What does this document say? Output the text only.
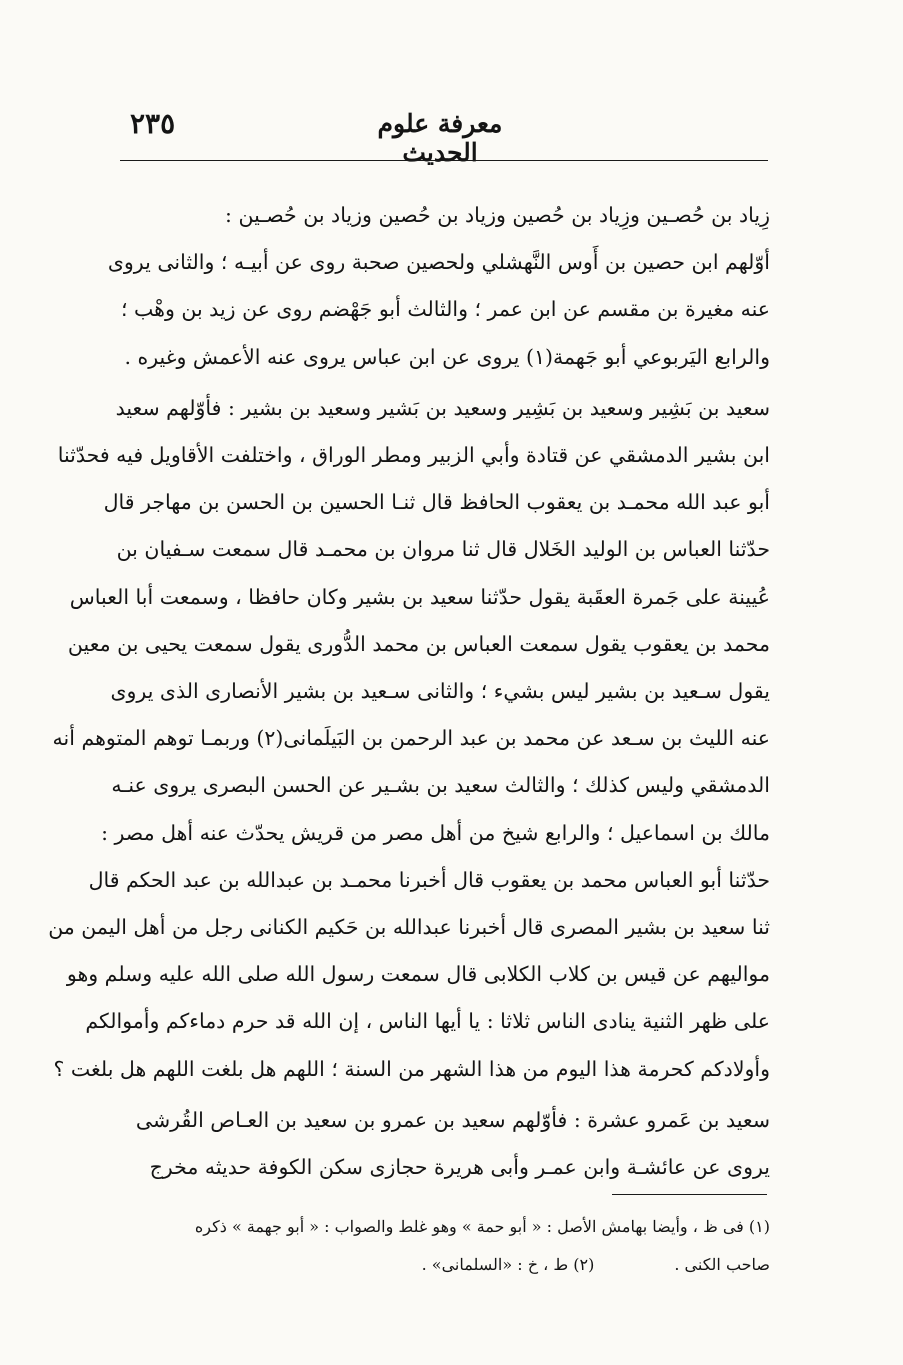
معرفة علوم الحديث
٢٣٥

زِياد بن حُصـين وزِياد بن حُصين وزياد بن حُصين وزياد بن حُصـين :
أوّلهم ابن حصين بن أَوس النَّهشلي ولحصين صحبة روى عن أبيـه ؛ والثانى يروى
عنه مغيرة بن مقسم عن ابن عمر ؛ والثالث أبو جَهْضم روى عن زيد بن وهْب ؛
والرابع اليَربوعي أبو جَهمة(١) يروى عن ابن عباس يروى عنه الأعمش وغيره .

سعيد بن بَشِير وسعيد بن بَشِير وسعيد بن بَشير وسعيد بن بشير : فأوّلهم سعيد
ابن بشير الدمشقي عن قتادة وأبي الزبير ومطر الوراق ، واختلفت الأقاويل فيه فحدّثنا
أبو عبد الله محمـد بن يعقوب الحافظ قال ثنـا الحسين بن الحسن بن مهاجر قال
حدّثنا العباس بن الوليد الخَلال قال ثنا مروان بن محمـد قال سمعت سـفيان بن
عُيينة على جَمرة العقَبة يقول حدّثنا سعيد بن بشير وكان حافظا ، وسمعت أبا العباس
محمد بن يعقوب يقول سمعت العباس بن محمد الدُّورى يقول سمعت يحيى بن معين
يقول سـعيد بن بشير ليس بشيء ؛ والثانى سـعيد بن بشير الأنصارى الذى يروى
عنه الليث بن سـعد عن محمد بن عبد الرحمن بن البَيلَمانى(٢) وربمـا توهم المتوهم أنه
الدمشقي وليس كذلك ؛ والثالث سعيد بن بشـير عن الحسن البصرى يروى عنـه
مالك بن اسماعيل ؛ والرابع شيخ من أهل مصر من قريش يحدّث عنه أهل مصر :
حدّثنا أبو العباس محمد بن يعقوب قال أخبرنا محمـد بن عبدالله بن عبد الحكم قال
ثنا سعيد بن بشير المصرى قال أخبرنا عبدالله بن حَكيم الكنانى رجل من أهل اليمن من
مواليهم عن قيس بن كلاب الكلابى قال سمعت رسول الله صلى الله عليه وسلم وهو
على ظهر الثنية ينادى الناس ثلاثا : يا أيها الناس ، إن الله قد حرم دماءكم وأموالكم
وأولادكم كحرمة هذا اليوم من هذا الشهر من السنة ؛ اللهم هل بلغت اللهم هل بلغت ؟

سعيد بن عَمرو عشرة : فأوّلهم سعيد بن عمرو بن سعيد بن العـاص القُرشى
يروى عن عائشـة وابن عمـر وأبى هريرة حجازى سكن الكوفة حديثه مخرج

(١) فى ظ ، وأيضا بهامش الأصل : « أبو حمة » وهو غلط والصواب : « أبو جهمة » ذكره
صاحب الكنى .(٢) ط ، خ : «السلمانى» .
